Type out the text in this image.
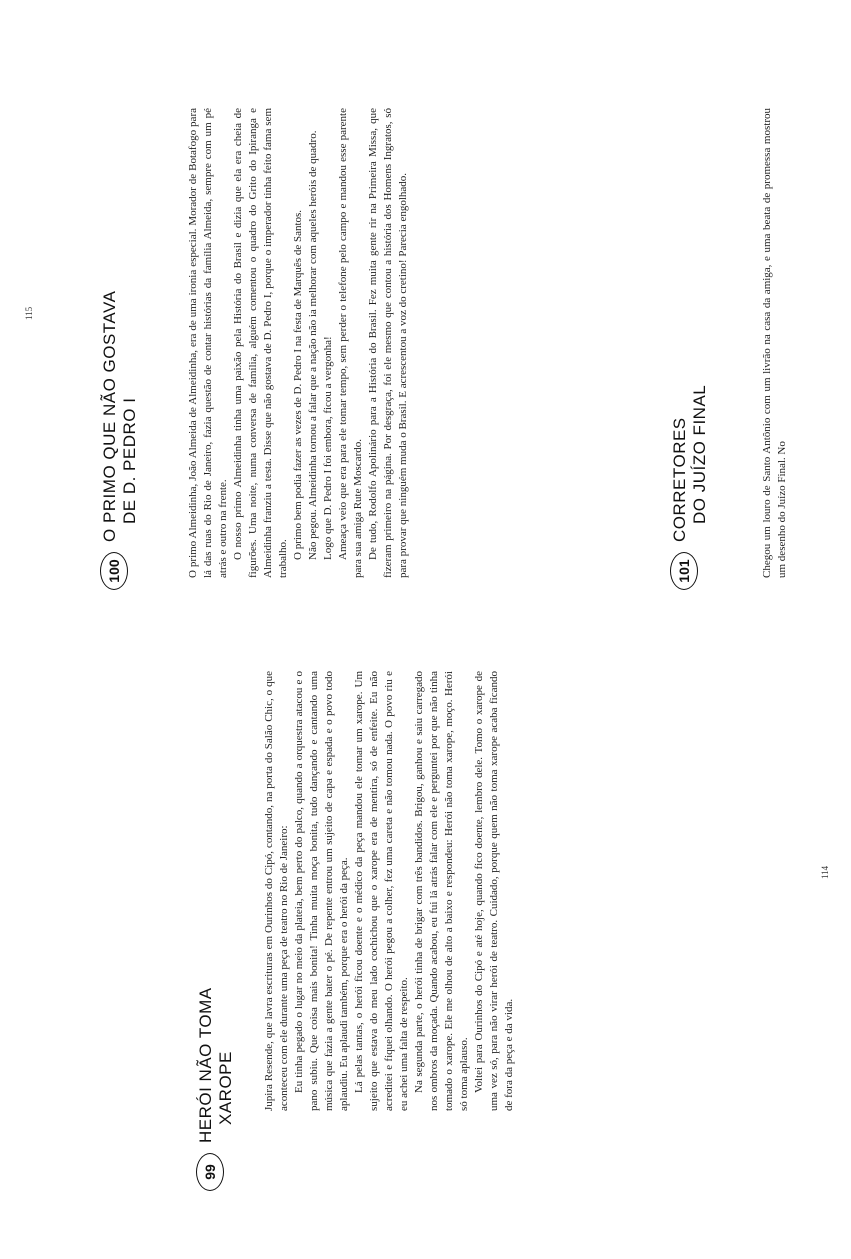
99
HERÓI NÃO TOMA XAROPE	Jupira Resende, que lavra escrituras em Ourinhos do Cipó, contando, na porta do Salão Chic, o que aconteceu com ele durante uma peça de teatro no Rio de Janeiro: Eu tinha pegado o lugar no meio da plateia, bem perto do palco, quando a orquestra atacou e o pano subiu. Que coisa mais bonita! Tinha muita moça bonita, tudo dançando e cantando uma música que fazia a gente bater o pé. De repente entrou um sujeito de capa e espada e o povo todo aplaudiu. Eu aplaudi também, porque era o herói da peça. Lá pelas tantas, o herói ficou doente e o médico da peça mandou ele tomar um xarope. Um sujeito que estava do meu lado cochichou que o xarope era de mentira, só de enfeite. Eu não acreditei e fiquei olhando. O herói pegou a colher, fez uma careta e não tomou nada. O povo riu e eu achei uma falta de respeito. Na segunda parte, o herói tinha de brigar com três bandidos. Brigou, ganhou e saiu carregado nos ombros da moçada. Quando acabou, eu fui lá atrás falar com ele e perguntei por que não tinha tomado o xarope. Ele me olhou de alto a baixo e respondeu: Herói não toma xarope, moço. Herói só toma aplauso. Voltei para Ourinhos do Cipó e até hoje, quando fico doente, lembro dele. Tomo o xarope de uma vez só, para não virar herói de teatro. Cuidado, porque quem não toma xarope acaba ficando de fora da peça e da vida.

114
100
O PRIMO QUE NÃO GOSTAVA DE D. PEDRO I	O primo Almeidinha, João Almeida de Almeidinha, era de uma ironia especial. Morador de Botafogo para lá das ruas do Rio de Janeiro, fazia questão de contar histórias da família Almeida, sempre com um pé atrás e outro na frente. O nosso primo Almeidinha tinha uma paixão pela História do Brasil e dizia que ela era cheia de figurões. Uma noite, numa conversa de família, alguém comentou o quadro do Grito do Ipiranga e Almeidinha franziu a testa. Disse que não gostava de D. Pedro I, porque o imperador tinha feito fama sem trabalho. O primo bem podia fazer as vezes de D. Pedro I na festa de Marquês de Santos. Não pegou. Almeidinha tornou a falar que a nação não ia melhorar com aqueles heróis de quadro. Logo que D. Pedro I foi embora, ficou a vergonha! Ameaça veio que era para ele tomar tempo, sem perder o telefone pelo campo e mandou esse parente para sua amiga Rute Moscardo. De tudo, Rodolfo Apolinário para a História do Brasil. Fez muita gente rir na Primeira Missa, que fizeram primeiro na página. Por desgraça, foi ele mesmo que contou a história dos Homens Ingratos, só para provar que ninguém muda o Brasil. E acrescentou a voz do cretino! Parecia engolhado.	101
CORRETORES DO JUÍZO FINAL	Chegou um louro de Santo Antônio com um livrão na casa da amiga, e uma beata de promessa mostrou um desenho do Juízo Final. No

115
